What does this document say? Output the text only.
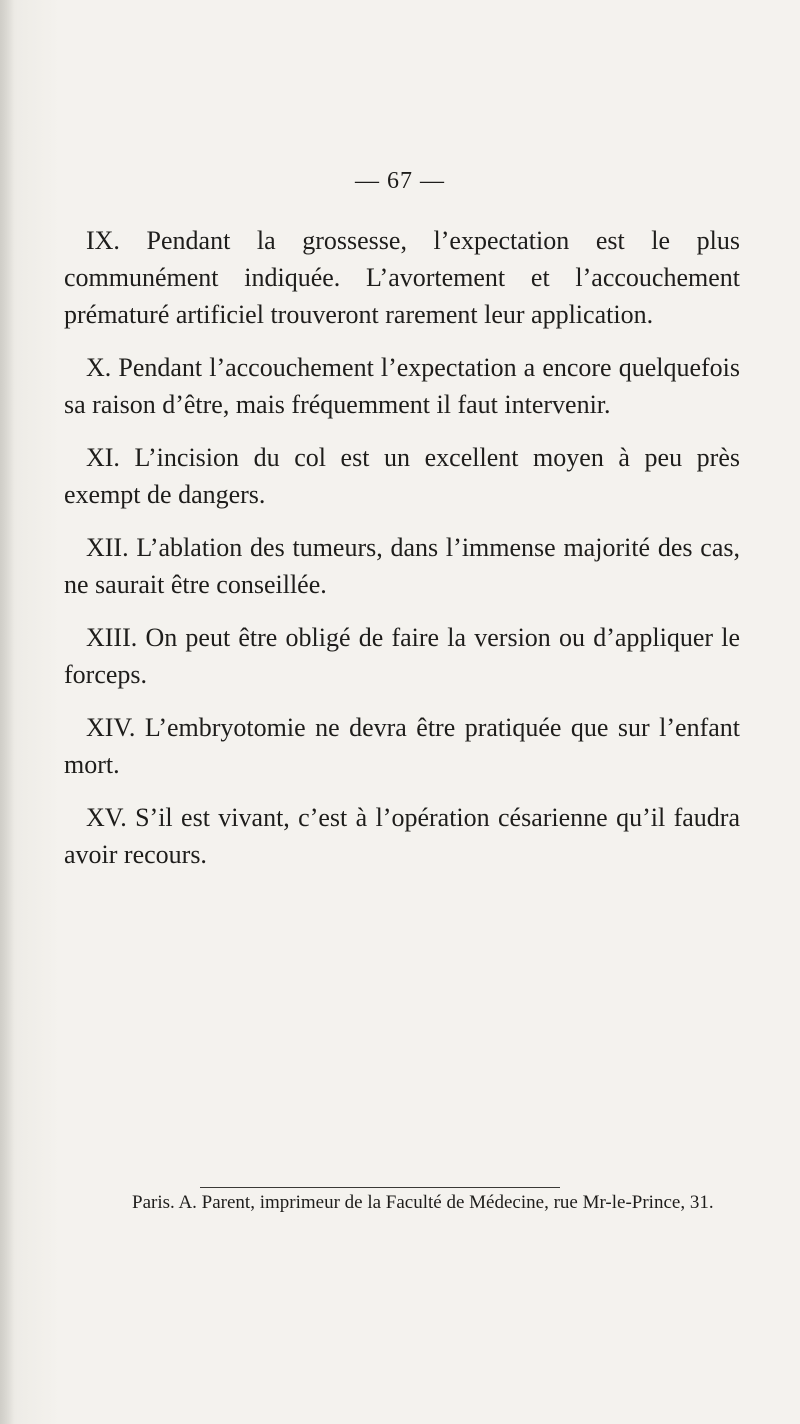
— 67 —

IX. Pendant la grossesse, l’expectation est le plus communément indiquée. L’avortement et l’accouchement prématuré artificiel trouveront rarement leur application.

X. Pendant l’accouchement l’expectation a encore quelquefois sa raison d’être, mais fréquemment il faut intervenir.

XI. L’incision du col est un excellent moyen à peu près exempt de dangers.

XII. L’ablation des tumeurs, dans l’immense majorité des cas, ne saurait être conseillée.

XIII. On peut être obligé de faire la version ou d’appliquer le forceps.

XIV. L’embryotomie ne devra être pratiquée que sur l’enfant mort.

XV. S’il est vivant, c’est à l’opération césarienne qu’il faudra avoir recours.

Paris. A. Parent, imprimeur de la Faculté de Médecine, rue Mr-le-Prince, 31.
